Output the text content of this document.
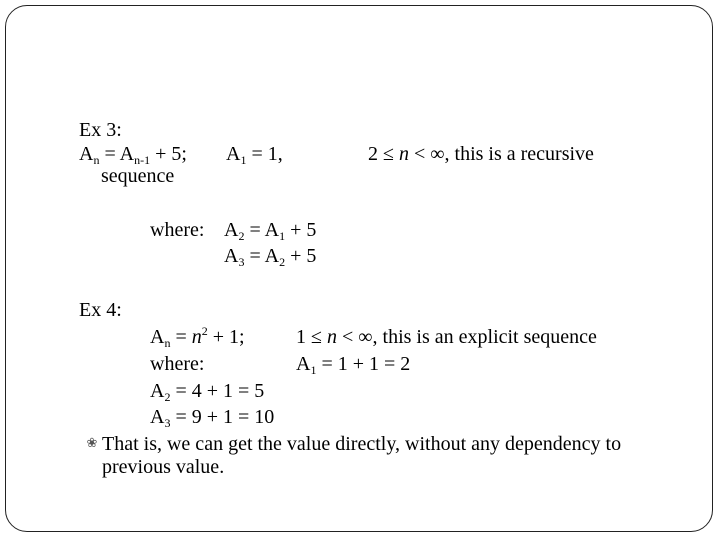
Ex 3:
$A_n = A_{n-1} + 5$; $A_1 = 1$,	2 ≤ n < ∞, this is a recursive
sequence
where: $A_2 = A_1 + 5$
$A_3 = A_2 + 5$
Ex 4:
$A_n = n^2 + 1$;	1 ≤ n < ∞, this is an explicit sequence
where:	$A_1 = 1 + 1 = 2$
$A_2 = 4 + 1 = 5$
$A_3 = 9 + 1 = 10$
❀ That is, we can get the value directly, without any dependency to
previous value.
